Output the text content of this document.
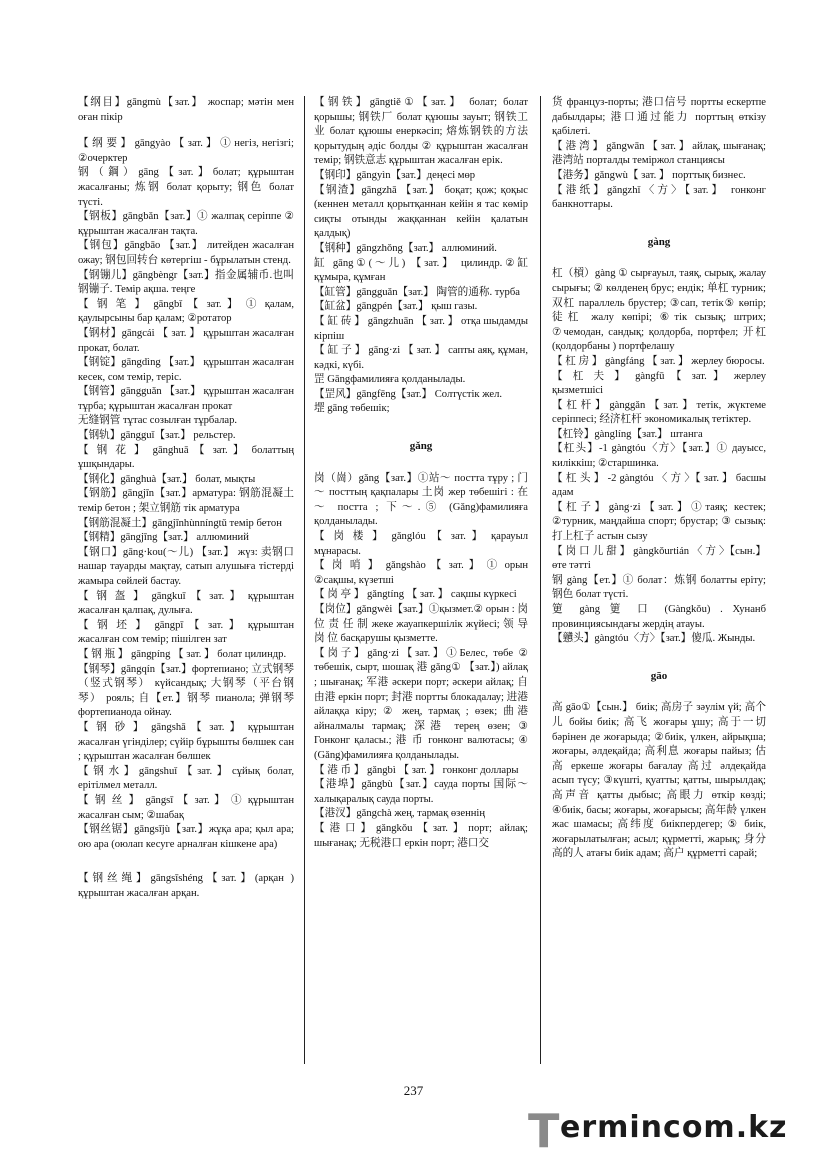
【纲目】gāngmù【зат.】 жоспар; мәтін мен оған пікір

【 纲 要 】 gāngyào 【 зат. 】 ① негіз, негізгі; ②очерктер

钢（鋼）gāng【зат.】болат; құрыштан жасалғаны; 炼钢 болат қорыту; 钢色 болат түсті.

【钢板】gāngbǎn【зат.】① жалпақ серіппе ② құрыштан жасалған тақта.

【钢包】gāngbāo 【зат.】 литейден жасалған ожау; 钢包回转台 көтергіш - бұрылатын стенд.

【钢镚儿】gāngbèngr【зат.】指金属辅币.也叫钢镚子. Темір ақша. теңге

【 钢 笔 】 gāngbǐ 【 зат. 】 ① қалам, қаулырсыны бар қалам; ②ротатор

【钢材】gāngcái 【 зат. 】 құрыштан жасалған прокат, болат.

【钢锭】gāngdìng 【зат.】 құрыштан жасалған кесек, сом темір, теріс.

【钢管】gāngguǎn 【зат.】 құрыштан жасалған тұрба; құрыштан жасалған прокат

无缝钢管 тұтас созылған тұрбалар.

【钢轨】gāngguǐ【зат.】 рельстер.

【 钢 花 】 gānghuā 【 зат. 】 болаттың ұшқындары.

【钢化】gānghuà【зат.】 болат, мықты

【钢筋】gāngjīn【зат.】арматура: 钢筋混凝土 темір бетон ; 架立钢筋 тік арматура

【钢筋混凝土】gāngjīnhùnníngtǔ темір бетон

【钢精】gāngjīng【зат.】 аллюминий

【钢口】gāng·kou(～儿) 【зат.】 жүз: 卖钢口 нашар тауарды мақтау, сатып алушыға тістерді жамыра сөйлей бастау.

【 钢 盔 】 gāngkuī 【 зат. 】 құрыштан жасалған қалпақ, дулыға.

【 钢 坯 】 gāngpī 【 зат. 】 құрыштан жасалған сом темір; пішілген зат

【 钢 瓶 】 gāngpíng 【 зат. 】 болат цилиндр.

【钢琴】gāngqín【зат.】фортепиано; 立式钢琴（竖式钢琴） күйсандық; 大钢琴（平台钢琴） рояль; 自【ет.】钢琴 пианола; 弹钢琴 фортепианода ойнау.

【 钢 砂 】 gāngshā 【 зат. 】 құрыштан жасалған үгінділер; сүйір бұрышты бөлшек сан ; құрыштан жасалған бөлшек

【钢水】gāngshuǐ【зат.】сұйық болат, ерітілмел металл.

【 钢 丝 】 gāngsī 【 зат. 】 ① құрыштан жасалған сым; ②шабақ

【钢丝锯】gāngsījù【зат.】жұқа ара; қыл ара; ою ара (оюлап кесуге арналған кішкене ара)

【钢丝绳】gāngsīshéng【зат.】(арқан ) құрыштан жасалған арқан.

【钢铁】gāngtiě①【зат.】 болат; болат қорышы; 钢铁厂 болат құюшы зауыт; 钢铁工业 болат құюшы енеркәсіп; 熔炼钢铁的方法 қорытудың әдіс болды ② құрыштан жасалған темір; 钢铁意志 құрыштан жасалған ерік.

【钢印】gāngyìn【зат.】деңесі мөр

【钢渣】gāngzhā 【зат.】 боқат; қож; қоқыс (кеннен металл қорытқаннан кейін я тас көмір сиқты отынды жаққаннан кейін қалатын қалдық)

【钢种】gāngzhǒng【зат.】 аллюминий.

缸 gāng①(～儿) 【зат.】 цилиндр.②缸 құмыра, құмған

【缸管】gāngguǎn【зат.】 陶管的通称. турба

【缸盆】gāngpén【зат.】 қыш газы.

【 缸 砖 】 gāngzhuān 【 зат. 】 отқа шыдамды кірпіш

【 缸 子 】 gāng·zi 【 зат. 】 сапты аяқ, құман, кәдкі, күбі.

罡 Gāngфамилияға қолданылады.

【罡风】gāngfēng【зат.】 Солтүстік жел.

堽 gāng төбешік;

gǎng

岗（崗）gǎng【зат.】①站～ постта тұру ; 门～ посттың қақпалары 土岗 жер төбешігі : 在～ постта ; 下～.⑤ (Gǎng)фамилияға қолданылады.

【 岗 楼 】 gǎnglóu 【 зат. 】 қарауыл мұнарасы.

【 岗 哨 】 gǎngshào 【 зат. 】 ① орын ②сақшы, күзетші

【 岗 亭 】 gǎngtíng 【 зат. 】 сақшы күркесі

【岗位】gǎngwèi【зат.】①қызмет.② орын : 岗 位 责 任 制 жеке жауапкершілік жүйесі; 领 导 岗 位 басқарушы қызметте.

【岗子】gǎng·zi【зат.】①Белес, төбе ② төбешік, сырт, шошақ 港 gǎng① 【зат.】) айлақ ; шығанақ; 军港 әскери порт; әскери айлақ; 自由港 еркін порт; 封港 портты блокадалау; 进港 айлаққа кіру; ② жең, тармақ ; өзек; 曲港 айналмалы тармақ; 深港 терең өзен; ③ Гонконг қаласы.; 港 币 гонконг валютасы; ④ (Gǎng)фамилияға қолданылады.

【 港 币 】 gǎngbì 【 зат. 】 гонконг доллары

【港埠】gǎngbù【зат.】сауда порты 国际～ халықаралық сауда порты.

【港汊】gǎngchà жең, тармақ өзеннің

【港口】gǎngkǒu【зат.】порт; айлақ; шығанақ; 无税港口 еркін порт; 港口交

货 француз-порты; 港口信号 портты ескертпе дабылдары; 港口通过能力 порттың өткізу қабілеті.

【 港 湾 】 gǎngwān 【 зат. 】 айлақ, шығанақ; 港湾站 порталды теміржол станциясы

【港务】gǎngwù【 зат. 】 порттық бизнес.

【港纸】gǎngzhǐ〈方〉【зат.】 гонконг банкноттары.

gàng

杠（槓）gàng ① сырғауыл, таяқ, сырық, жалау сырығы; ② көлденең брус; ендік; 单杠 турник; 双杠 параллель брустер; ③сап, тетік⑤ көпір; 徒杠 жалу көпірі; ⑥тік сызық; штрих; ⑦чемодан, сандық; қолдорба, портфел; 开杠 (қолдорбаны ) портфелашу

【 杠 房 】 gàngfáng 【 зат. 】 жерлеу бюросы.

【 杠 夫 】 gàngfū 【 зат. 】 жерлеу қызметшісі

【杠杆】gànggǎn【зат.】тетік, жүктеме серіппесі; 经济杠杆 экономикалық тетіктер.

【杠铃】gànglíng【зат.】 штанга

【杠头】-1 gàngtóu〈方〉【зат.】① дауысс, киліккіш; ②старшинка.

【 杠 头 】 -2 gàngtóu 〈 方 〉【 зат. 】 басшы адам

【杠子】gàng·zi【зат.】①таяқ; кестек; ②турник, маңдайша спорт; брустар; ③ сызық:打上杠子 астын сызу

【 岗 口 儿 甜 】 gàngkǒurtián 〈 方 〉【сын.】 өте тәтті

钢 gàng【ет.】① болат：炼钢 болатты еріту; 钢色 болат түсті.

筻 gàng 筻 口 (Gàngkǒu) . Хунанб провинциясындағы жердің атауы.

【戇头】gàngtóu〈方〉【зат.】傻瓜. Жынды.

gāo

高 gāo①【сын.】 биік; 高房子 зәулім үй; 高个儿 бойы биік; 高飞 жоғары ұшу; 高于一切 бәрінен де жоғарыда; ②биік, үлкен, айрықша; жоғары, әлдеқайда; 高利息 жоғары пайыз; 估高 еркеше жоғары бағалау 高过 әлдеқайда асып түсу; ③күшті, қуатты; қатты, шырылдақ; 高声音 қатты дыбыс; 高眼力 өткір көзді; ④биік, басы; жоғары, жоғарысы; 高年龄 үлкен жас шамасы; 高纬度 биікпердегер; ⑤ биік, жоғарылатылған; асыл; құрметті, жарық; 身分高的人 атағы биік адам; 高户 құрметті сарай;

237
T ermincom.kz
